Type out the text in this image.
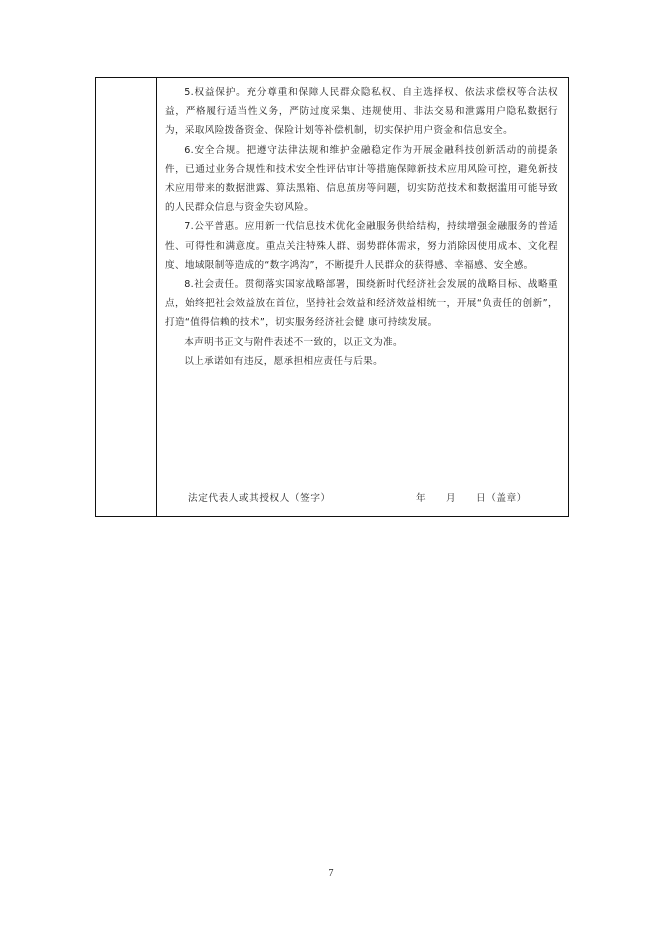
5.权益保护。充分尊重和保障人民群众隐私权、自主选择权、依法求偿权等合法权益，严格履行适当性义务，严防过度采集、违规使用、非法交易和泄露用户隐私数据行为，采取风险拨备资金、保险计划等补偿机制，切实保护用户资金和信息安全。

6.安全合规。把遵守法律法规和维护金融稳定作为开展金融科技创新活动的前提条件，已通过业务合规性和技术安全性评估审计等措施保障新技术应用风险可控，避免新技术应用带来的数据泄露、算法黑箱、信息茧房等问题，切实防范技术和数据滥用可能导致的人民群众信息与资金失窃风险。

7.公平普惠。应用新一代信息技术优化金融服务供给结构，持续增强金融服务的普适性、可得性和满意度。重点关注特殊人群、弱势群体需求，努力消除因使用成本、文化程度、地域限制等造成的“数字鸿沟”，不断提升人民群众的获得感、幸福感、安全感。

8.社会责任。贯彻落实国家战略部署，围绕新时代经济社会发展的战略目标、战略重点，始终把社会效益放在首位，坚持社会效益和经济效益相统一，开展“负责任的创新”，打造“值得信赖的技术”，切实服务经济社会健 康可持续发展。

本声明书正文与附件表述不一致的，以正文为准。

以上承诺如有违反，愿承担相应责任与后果。

法定代表人或其授权人（签字）	年 月 日（盖章）
7
